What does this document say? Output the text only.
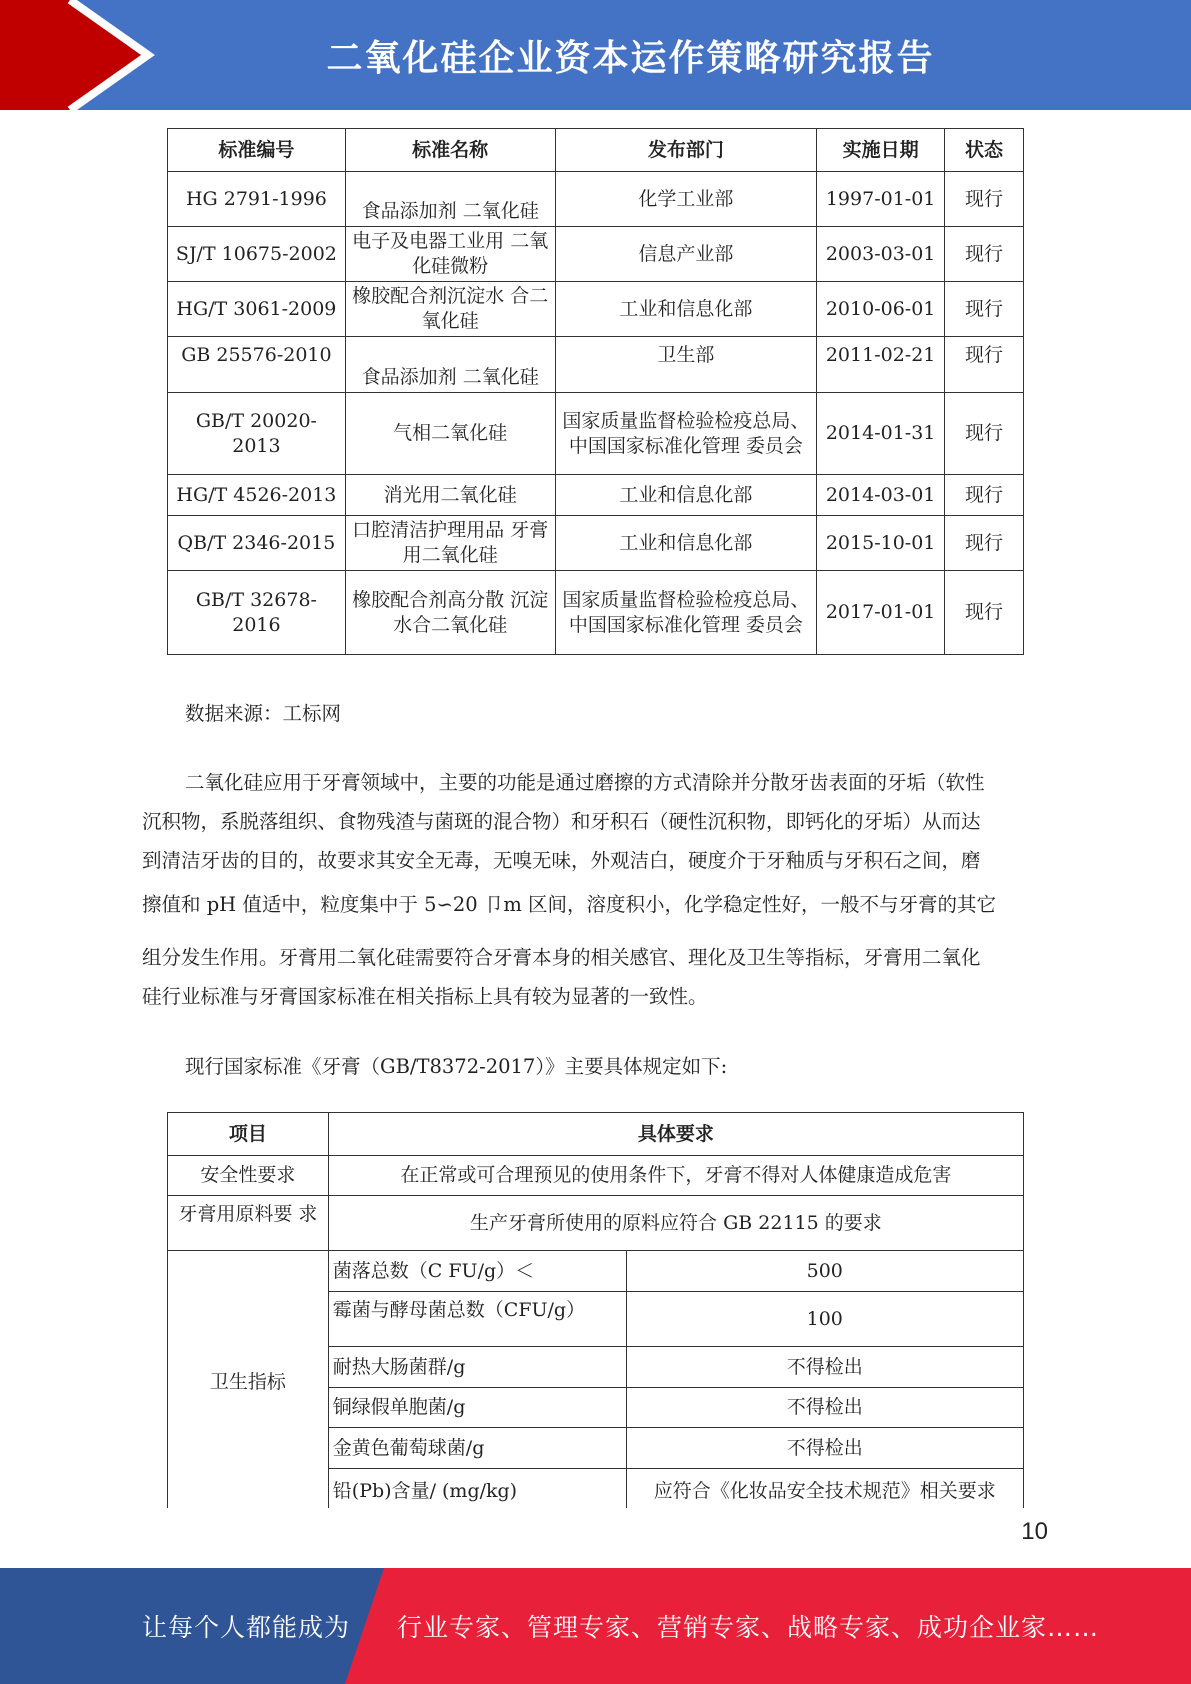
二氧化硅企业资本运作策略研究报告
标准编号	标准名称	发布部门	实施日期	状态
HG 2791-1996	食品添加剂 二氧化硅	化学工业部	1997-01-01	现行
SJ/T 10675-2002	电子及电器工业用 二氧化硅微粉	信息产业部	2003-03-01	现行
HG/T 3061-2009	橡胶配合剂沉淀水 合二氧化硅	工业和信息化部	2010-06-01	现行
GB 25576-2010	食品添加剂 二氧化硅	卫生部	2011-02-21	现行
GB/T 20020-2013	气相二氧化硅	国家质量监督检验检疫总局、中国国家标准化管理 委员会	2014-01-31	现行
HG/T 4526-2013	消光用二氧化硅	工业和信息化部	2014-03-01	现行
QB/T 2346-2015	口腔清洁护理用品 牙膏用二氧化硅	工业和信息化部	2015-10-01	现行
GB/T 32678-2016	橡胶配合剂高分散 沉淀水合二氧化硅	国家质量监督检验检疫总局、中国国家标准化管理 委员会	2017-01-01	现行
数据来源：工标网
二氧化硅应用于牙膏领域中，主要的功能是通过磨擦的方式清除并分散牙齿表面的牙垢（软性
沉积物，系脱落组织、食物残渣与菌斑的混合物）和牙积石（硬性沉积物，即钙化的牙垢）从而达
到清洁牙齿的目的，故要求其安全无毒，无嗅无味，外观洁白，硬度介于牙釉质与牙积石之间，磨
擦值和 pH 值适中，粒度集中于 5∽20 卩m 区间，溶度积小，化学稳定性好，一般不与牙膏的其它
组分发生作用。牙膏用二氧化硅需要符合牙膏本身的相关感官、理化及卫生等指标，牙膏用二氧化
硅行业标准与牙膏国家标准在相关指标上具有较为显著的一致性。
现行国家标准《牙膏（GB/T8372-2017）》主要具体规定如下:
项目	具体要求	
安全性要求	在正常或可合理预见的使用条件下，牙膏不得对人体健康造成危害	
牙膏用原料要 求	生产牙膏所使用的原料应符合 GB 22115 的要求	
卫生指标	菌落总数（C FU/g）＜	500
	霉菌与酵母菌总数（CFU/g）	100
	耐热大肠菌群/g	不得检出
	铜绿假单胞菌/g	不得检出
	金黄色葡萄球菌/g	不得检出
	铅(Pb)含量/ (mg/kg)	应符合《化妆品安全技术规范》相关要求
10
让每个人都能成为 行业专家、管理专家、营销专家、战略专家、成功企业家……
